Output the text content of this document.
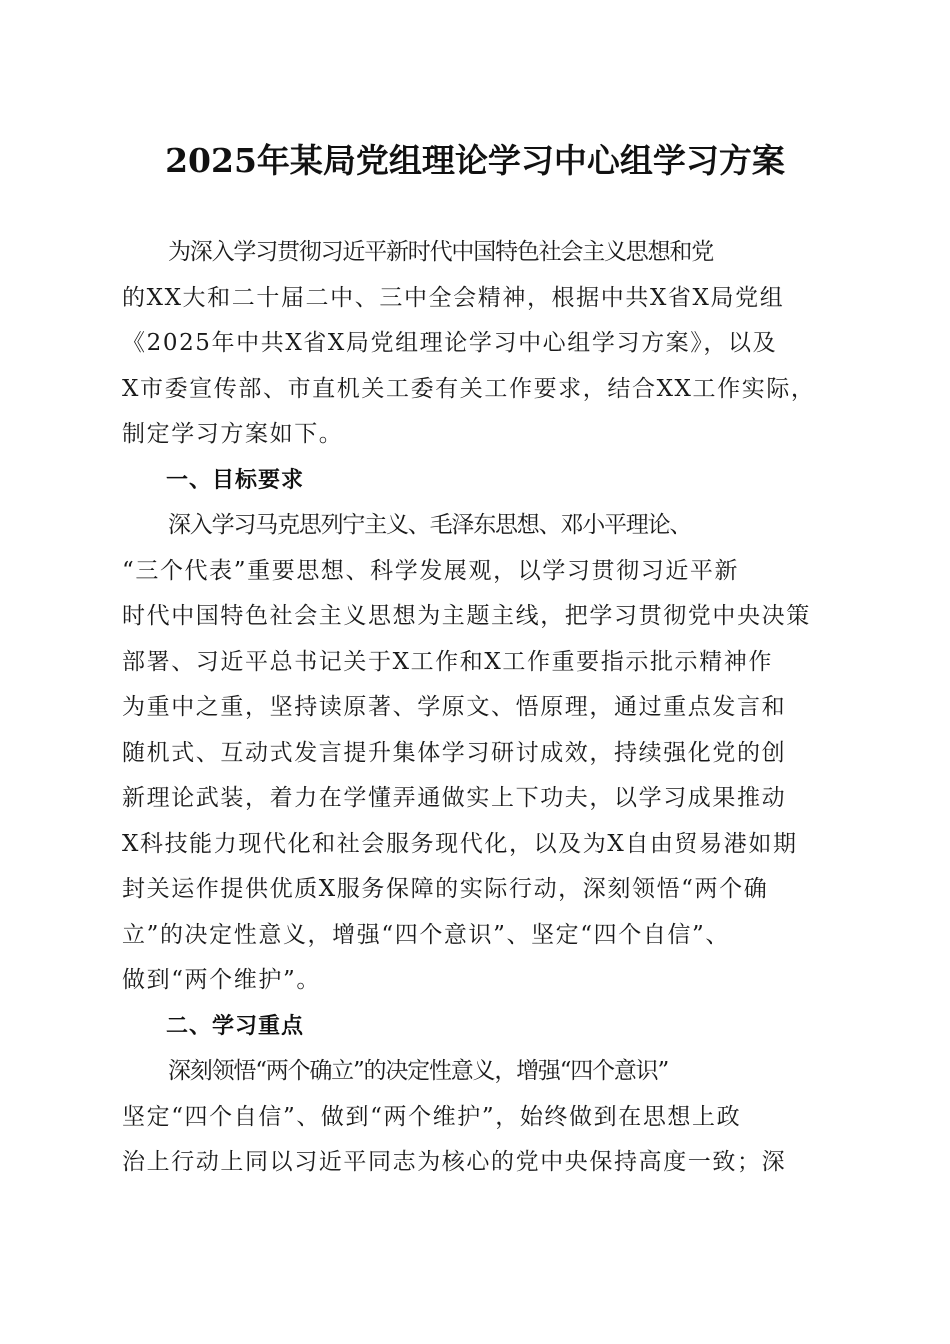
2025年某局党组理论学习中心组学习方案

为深入学习贯彻习近平新时代中国特色社会主义思想和党
的XX大和二十届二中、三中全会精神，根据中共X省X局党组
《2025年中共X省X局党组理论学习中心组学习方案》，以及
X市委宣传部、市直机关工委有关工作要求，结合XX工作实际，
制定学习方案如下。

一、目标要求

深入学习马克思列宁主义、毛泽东思想、邓小平理论、
“三个代表”重要思想、科学发展观，以学习贯彻习近平新
时代中国特色社会主义思想为主题主线，把学习贯彻党中央决策
部署、习近平总书记关于X工作和X工作重要指示批示精神作
为重中之重，坚持读原著、学原文、悟原理，通过重点发言和
随机式、互动式发言提升集体学习研讨成效，持续强化党的创
新理论武装，着力在学懂弄通做实上下功夫，以学习成果推动
X科技能力现代化和社会服务现代化，以及为X自由贸易港如期
封关运作提供优质X服务保障的实际行动，深刻领悟“两个确
立”的决定性意义，增强“四个意识”、坚定“四个自信”、
做到“两个维护”。

二、学习重点

深刻领悟“两个确立”的决定性意义，增强“四个意识”
坚定“四个自信”、做到“两个维护”，始终做到在思想上政
治上行动上同以习近平同志为核心的党中央保持高度一致；深
